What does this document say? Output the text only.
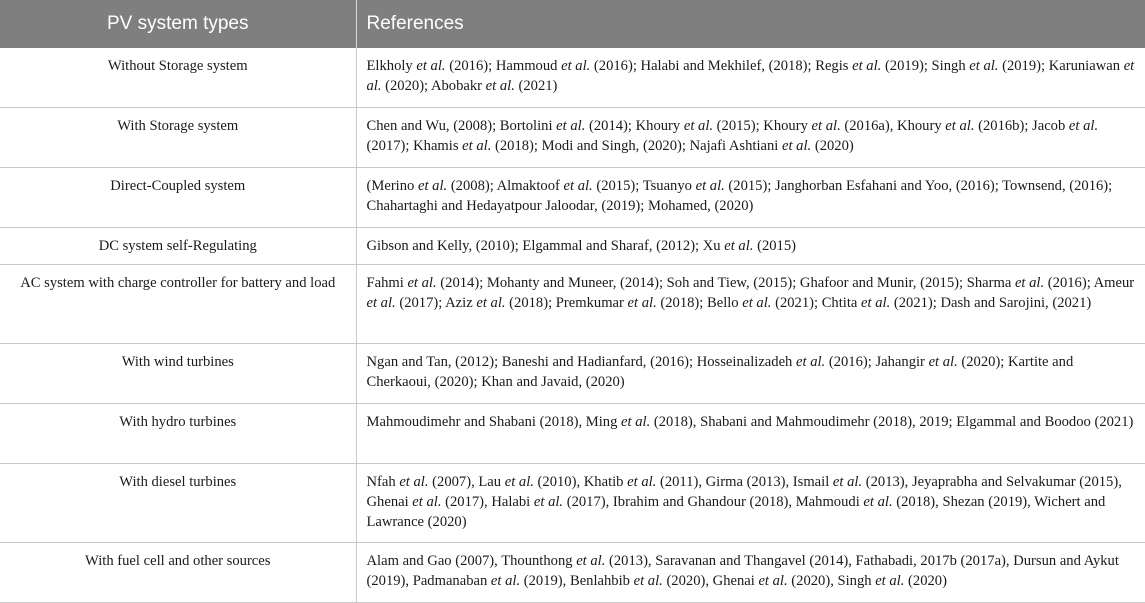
PV system types	References
Without Storage system	Elkholy et al. (2016); Hammoud et al. (2016); Halabi and Mekhilef, (2018); Regis et al. (2019); Singh et al. (2019); Karuniawan et al. (2020); Abobakr et al. (2021)
With Storage system	Chen and Wu, (2008); Bortolini et al. (2014); Khoury et al. (2015); Khoury et al. (2016a), Khoury et al. (2016b); Jacob et al. (2017); Khamis et al. (2018); Modi and Singh, (2020); Najafi Ashtiani et al. (2020)
Direct-Coupled system	(Merino et al. (2008); Almaktoof et al. (2015); Tsuanyo et al. (2015); Janghorban Esfahani and Yoo, (2016); Townsend, (2016); Chahartaghi and Hedayatpour Jaloodar, (2019); Mohamed, (2020)
DC system self-Regulating	Gibson and Kelly, (2010); Elgammal and Sharaf, (2012); Xu et al. (2015)
AC system with charge controller for battery and load	Fahmi et al. (2014); Mohanty and Muneer, (2014); Soh and Tiew, (2015); Ghafoor and Munir, (2015); Sharma et al. (2016); Ameur et al. (2017); Aziz et al. (2018); Premkumar et al. (2018); Bello et al. (2021); Chtita et al. (2021); Dash and Sarojini, (2021)
With wind turbines	Ngan and Tan, (2012); Baneshi and Hadianfard, (2016); Hosseinalizadeh et al. (2016); Jahangir et al. (2020); Kartite and Cherkaoui, (2020); Khan and Javaid, (2020)
With hydro turbines	Mahmoudimehr and Shabani (2018), Ming et al. (2018), Shabani and Mahmoudimehr (2018), 2019; Elgammal and Boodoo (2021)
With diesel turbines	Nfah et al. (2007), Lau et al. (2010), Khatib et al. (2011), Girma (2013), Ismail et al. (2013), Jeyaprabha and Selvakumar (2015), Ghenai et al. (2017), Halabi et al. (2017), Ibrahim and Ghandour (2018), Mahmoudi et al. (2018), Shezan (2019), Wichert and Lawrance (2020)
With fuel cell and other sources	Alam and Gao (2007), Thounthong et al. (2013), Saravanan and Thangavel (2014), Fathabadi, 2017b (2017a), Dursun and Aykut (2019), Padmanaban et al. (2019), Benlahbib et al. (2020), Ghenai et al. (2020), Singh et al. (2020)
